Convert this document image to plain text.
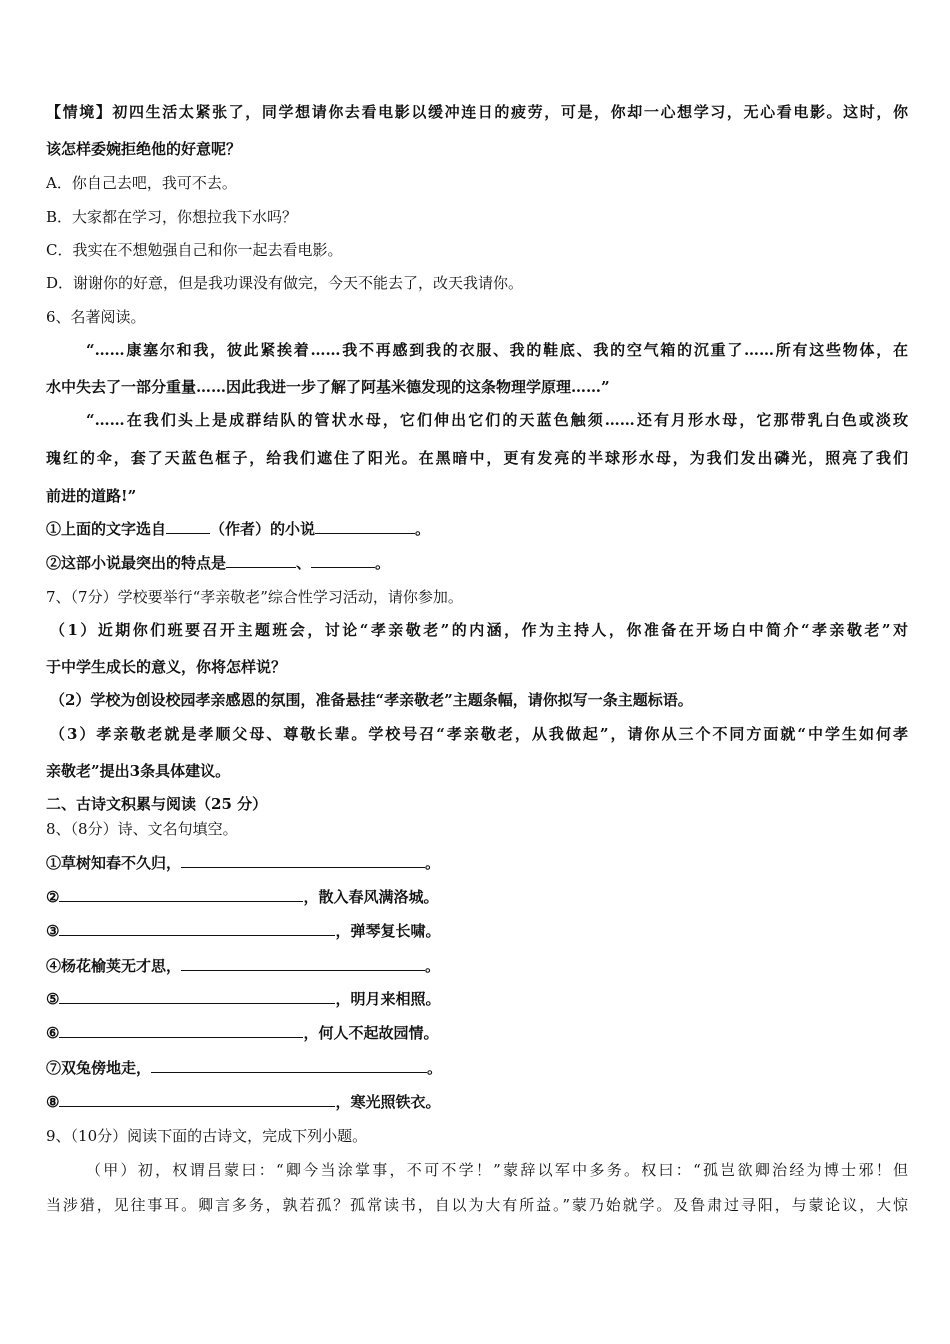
【情境】初四生活太紧张了，同学想请你去看电影以缓冲连日的疲劳，可是，你却一心想学习，无心看电影。这时，你
该怎样委婉拒绝他的好意呢？
A．你自己去吧，我可不去。
B．大家都在学习，你想拉我下水吗？
C．我实在不想勉强自己和你一起去看电影。
D．谢谢你的好意，但是我功课没有做完，今天不能去了，改天我请你。
6、名著阅读。
“……康塞尔和我，彼此紧挨着……我不再感到我的衣服、我的鞋底、我的空气箱的沉重了……所有这些物体，在
水中失去了一部分重量……因此我进一步了解了阿基米德发现的这条物理学原理……”
“……在我们头上是成群结队的管状水母，它们伸出它们的天蓝色触须……还有月形水母，它那带乳白色或淡玫
瑰红的伞，套了天蓝色框子，给我们遮住了阳光。在黑暗中，更有发亮的半球形水母，为我们发出磷光，照亮了我们
前进的道路!”
①上面的文字选自	（作者）的小说	。
②这部小说最突出的特点是	、	。
7、（7分）学校要举行“孝亲敬老”综合性学习活动，请你参加。
（1）近期你们班要召开主题班会，讨论“孝亲敬老”的内涵，作为主持人，你准备在开场白中简介“孝亲敬老”对
于中学生成长的意义，你将怎样说？
（2）学校为创设校园孝亲感恩的氛围，准备悬挂“孝亲敬老”主题条幅，请你拟写一条主题标语。
（3）孝亲敬老就是孝顺父母、尊敬长辈。学校号召“孝亲敬老，从我做起”，请你从三个不同方面就“中学生如何孝
亲敬老”提出3条具体建议。
二、古诗文积累与阅读（25 分）
8、（8分）诗、文名句填空。
①草树知春不久归，	。
②	，散入春风满洛城。
③	，弹琴复长啸。
④杨花榆荚无才思，	。
⑤	，明月来相照。
⑥	，何人不起故园情。
⑦双兔傍地走，	。
⑧	，寒光照铁衣。
9、（10分）阅读下面的古诗文，完成下列小题。
（甲）初，权谓吕蒙曰：“卿今当涂掌事，不可不学！”蒙辞以军中多务。权曰：“孤岂欲卿治经为博士邪！但
当涉猎，见往事耳。卿言多务，孰若孤？孤常读书，自以为大有所益。”蒙乃始就学。及鲁肃过寻阳，与蒙论议，大惊
